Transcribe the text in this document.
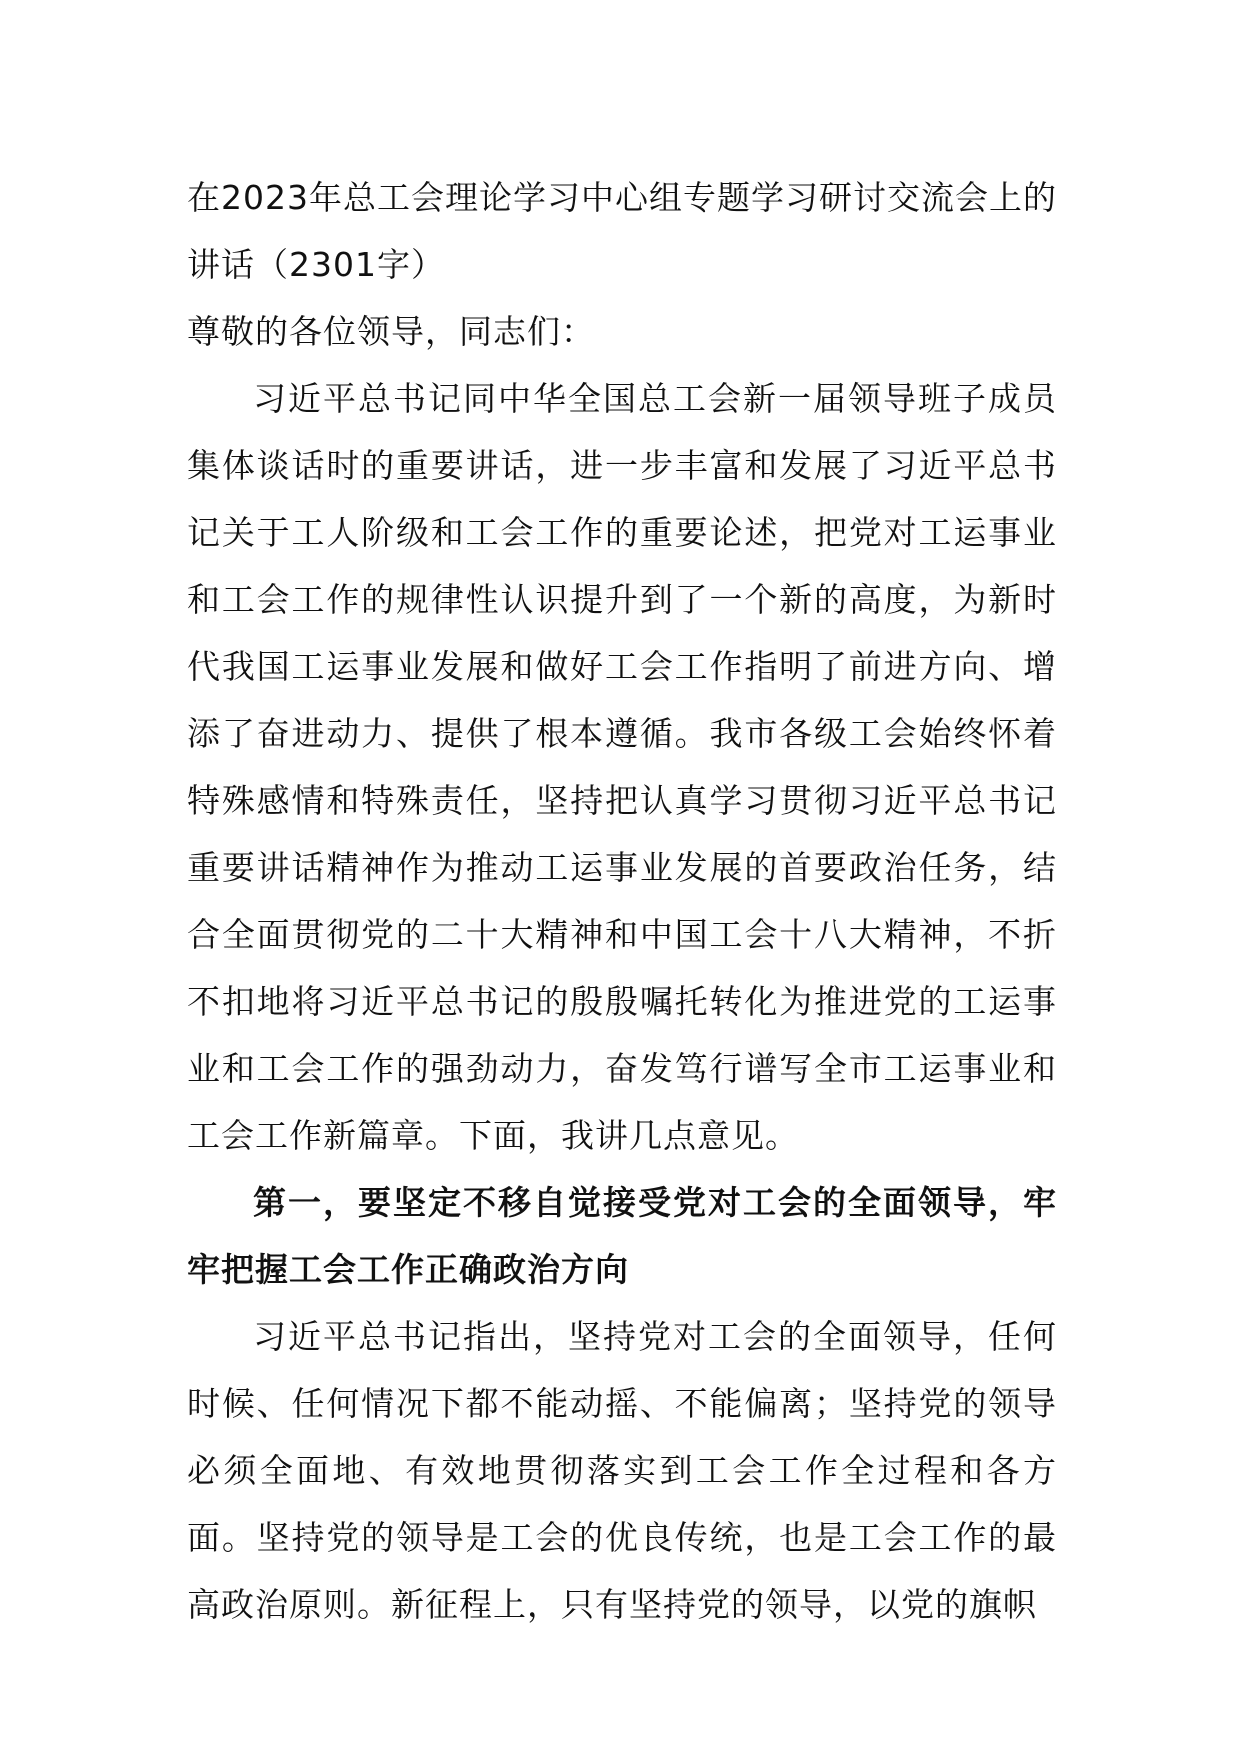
在2023年总工会理论学习中心组专题学习研讨交流会上的讲话（2301字）

尊敬的各位领导，同志们：

习近平总书记同中华全国总工会新一届领导班子成员集体谈话时的重要讲话，进一步丰富和发展了习近平总书记关于工人阶级和工会工作的重要论述，把党对工运事业和工会工作的规律性认识提升到了一个新的高度，为新时代我国工运事业发展和做好工会工作指明了前进方向、增添了奋进动力、提供了根本遵循。我市各级工会始终怀着特殊感情和特殊责任，坚持把认真学习贯彻习近平总书记重要讲话精神作为推动工运事业发展的首要政治任务，结合全面贯彻党的二十大精神和中国工会十八大精神，不折不扣地将习近平总书记的殷殷嘱托转化为推进党的工运事业和工会工作的强劲动力，奋发笃行谱写全市工运事业和工会工作新篇章。下面，我讲几点意见。

第一，要坚定不移自觉接受党对工会的全面领导，牢牢把握工会工作正确政治方向

习近平总书记指出，坚持党对工会的全面领导，任何时候、任何情况下都不能动摇、不能偏离；坚持党的领导必须全面地、有效地贯彻落实到工会工作全过程和各方面。坚持党的领导是工会的优良传统，也是工会工作的最高政治原则。新征程上，只有坚持党的领导，以党的旗帜
